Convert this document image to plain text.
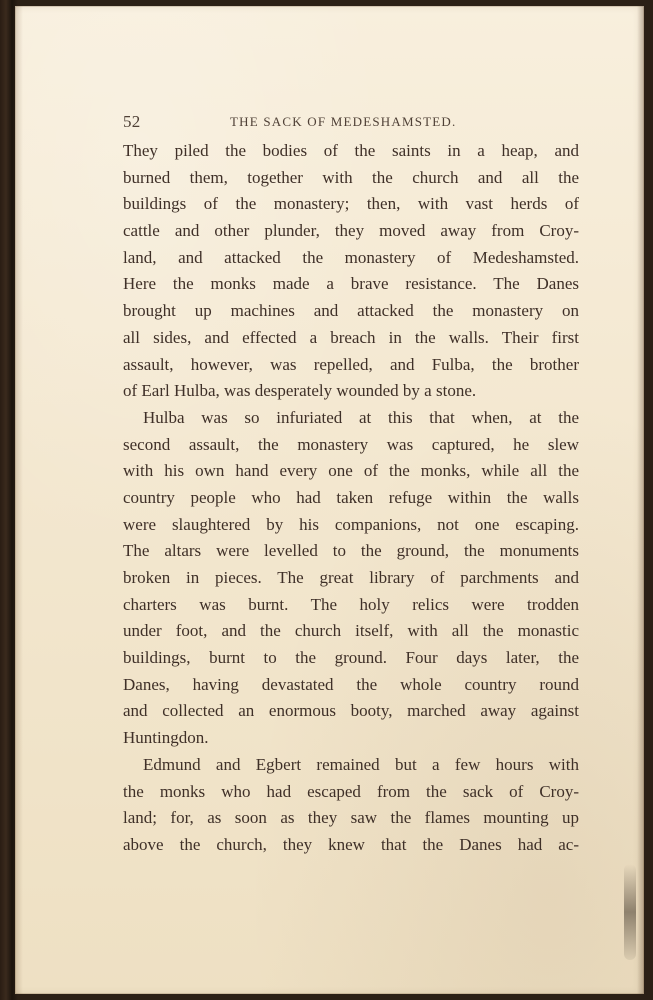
52	THE SACK OF MEDESHAMSTED.
They piled the bodies of the saints in a heap, and
burned them, together with the church and all the
buildings of the monastery; then, with vast herds of
cattle and other plunder, they moved away from Croy-
land, and attacked the monastery of Medeshamsted.
Here the monks made a brave resistance. The Danes
brought up machines and attacked the monastery on
all sides, and effected a breach in the walls. Their first
assault, however, was repelled, and Fulba, the brother
of Earl Hulba, was desperately wounded by a stone.
Hulba was so infuriated at this that when, at the
second assault, the monastery was captured, he slew
with his own hand every one of the monks, while all the
country people who had taken refuge within the walls
were slaughtered by his companions, not one escaping.
The altars were levelled to the ground, the monuments
broken in pieces. The great library of parchments and
charters was burnt. The holy relics were trodden
under foot, and the church itself, with all the monastic
buildings, burnt to the ground. Four days later, the
Danes, having devastated the whole country round
and collected an enormous booty, marched away against
Huntingdon.
Edmund and Egbert remained but a few hours with
the monks who had escaped from the sack of Croy-
land; for, as soon as they saw the flames mounting up
above the church, they knew that the Danes had ac-
